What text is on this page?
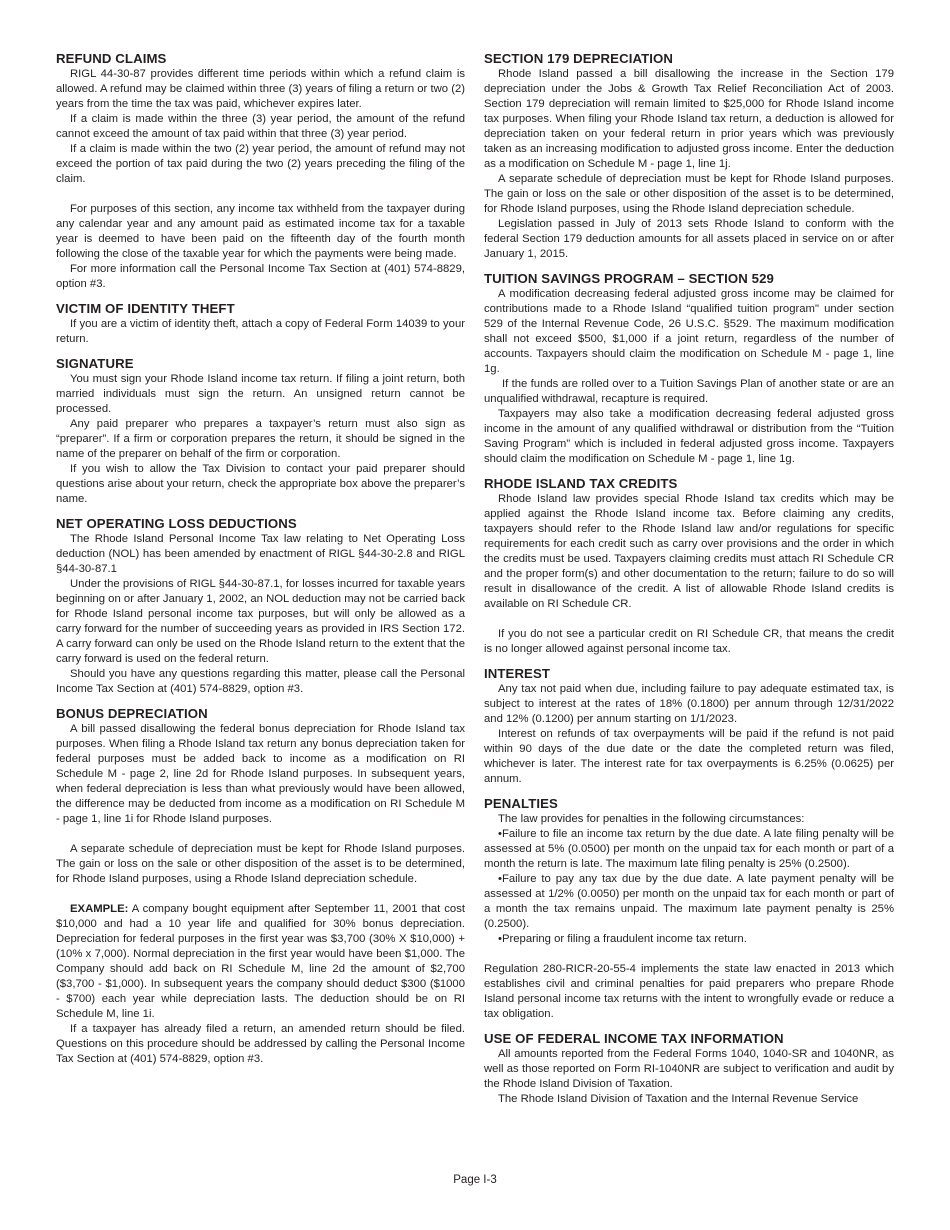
REFUND CLAIMS

RIGL 44-30-87 provides different time periods within which a refund claim is allowed. A refund may be claimed within three (3) years of filing a return or two (2) years from the time the tax was paid, whichever expires later.

If a claim is made within the three (3) year period, the amount of the refund cannot exceed the amount of tax paid within that three (3) year period.

If a claim is made within the two (2) year period, the amount of refund may not exceed the portion of tax paid during the two (2) years preceding the filing of the claim.

For purposes of this section, any income tax withheld from the taxpayer during any calendar year and any amount paid as estimated income tax for a taxable year is deemed to have been paid on the fifteenth day of the fourth month following the close of the taxable year for which the payments were being made.

For more information call the Personal Income Tax Section at (401) 574-8829, option #3.

VICTIM OF IDENTITY THEFT

If you are a victim of identity theft, attach a copy of Federal Form 14039 to your return.

SIGNATURE

You must sign your Rhode Island income tax return. If filing a joint return, both married individuals must sign the return. An unsigned return cannot be processed.

Any paid preparer who prepares a taxpayer’s return must also sign as “preparer”. If a firm or corporation prepares the return, it should be signed in the name of the preparer on behalf of the firm or corporation.

If you wish to allow the Tax Division to contact your paid preparer should questions arise about your return, check the appropriate box above the preparer’s name.

NET OPERATING LOSS DEDUCTIONS

The Rhode Island Personal Income Tax law relating to Net Operating Loss deduction (NOL) has been amended by enactment of RIGL §44-30-2.8 and RIGL §44-30-87.1

Under the provisions of RIGL §44-30-87.1, for losses incurred for taxable years beginning on or after January 1, 2002, an NOL deduction may not be carried back for Rhode Island personal income tax purposes, but will only be allowed as a carry forward for the number of succeeding years as provided in IRS Section 172. A carry forward can only be used on the Rhode Island return to the extent that the carry forward is used on the federal return.

Should you have any questions regarding this matter, please call the Personal Income Tax Section at (401) 574-8829, option #3.

BONUS DEPRECIATION

A bill passed disallowing the federal bonus depreciation for Rhode Island tax purposes. When filing a Rhode Island tax return any bonus depreciation taken for federal purposes must be added back to income as a modification on RI Schedule M - page 2, line 2d for Rhode Island purposes. In subsequent years, when federal depreciation is less than what previously would have been allowed, the difference may be deducted from income as a modification on RI Schedule M - page 1, line 1i for Rhode Island purposes.

A separate schedule of depreciation must be kept for Rhode Island purposes. The gain or loss on the sale or other disposition of the asset is to be determined, for Rhode Island purposes, using a Rhode Island depreciation schedule.

EXAMPLE: A company bought equipment after September 11, 2001 that cost $10,000 and had a 10 year life and qualified for 30% bonus depreciation. Depreciation for federal purposes in the first year was $3,700 (30% X $10,000) + (10% x 7,000). Normal depreciation in the first year would have been $1,000. The Company should add back on RI Schedule M, line 2d the amount of $2,700 ($3,700 - $1,000). In subsequent years the company should deduct $300 ($1000 - $700) each year while depreciation lasts. The deduction should be on RI Schedule M, line 1i.

If a taxpayer has already filed a return, an amended return should be filed. Questions on this procedure should be addressed by calling the Personal Income Tax Section at (401) 574-8829, option #3.

SECTION 179 DEPRECIATION

Rhode Island passed a bill disallowing the increase in the Section 179 depreciation under the Jobs & Growth Tax Relief Reconciliation Act of 2003. Section 179 depreciation will remain limited to $25,000 for Rhode Island income tax purposes. When filing your Rhode Island tax return, a deduction is allowed for depreciation taken on your federal return in prior years which was previously taken as an increasing modification to adjusted gross income. Enter the deduction as a modification on Schedule M - page 1, line 1j.

A separate schedule of depreciation must be kept for Rhode Island purposes. The gain or loss on the sale or other disposition of the asset is to be determined, for Rhode Island purposes, using the Rhode Island depreciation schedule.

Legislation passed in July of 2013 sets Rhode Island to conform with the federal Section 179 deduction amounts for all assets placed in service on or after January 1, 2015.

TUITION SAVINGS PROGRAM – SECTION 529

A modification decreasing federal adjusted gross income may be claimed for contributions made to a Rhode Island “qualified tuition program" under section 529 of the Internal Revenue Code, 26 U.S.C. §529. The maximum modification shall not exceed $500, $1,000 if a joint return, regardless of the number of accounts. Taxpayers should claim the modification on Schedule M - page 1, line 1g.

If the funds are rolled over to a Tuition Savings Plan of another state or are an unqualified withdrawal, recapture is required.

Taxpayers may also take a modification decreasing federal adjusted gross income in the amount of any qualified withdrawal or distribution from the “Tuition Saving Program” which is included in federal adjusted gross income. Taxpayers should claim the modification on Schedule M - page 1, line 1g.

RHODE ISLAND TAX CREDITS

Rhode Island law provides special Rhode Island tax credits which may be applied against the Rhode Island income tax. Before claiming any credits, taxpayers should refer to the Rhode Island law and/or regulations for specific requirements for each credit such as carry over provisions and the order in which the credits must be used. Taxpayers claiming credits must attach RI Schedule CR and the proper form(s) and other documentation to the return; failure to do so will result in disallowance of the credit. A list of allowable Rhode Island credits is available on RI Schedule CR.

If you do not see a particular credit on RI Schedule CR, that means the credit is no longer allowed against personal income tax.

INTEREST

Any tax not paid when due, including failure to pay adequate estimated tax, is subject to interest at the rates of 18% (0.1800) per annum through 12/31/2022 and 12% (0.1200) per annum starting on 1/1/2023.

Interest on refunds of tax overpayments will be paid if the refund is not paid within 90 days of the due date or the date the completed return was filed, whichever is later. The interest rate for tax overpayments is 6.25% (0.0625) per annum.

PENALTIES

The law provides for penalties in the following circumstances:

•Failure to file an income tax return by the due date. A late filing penalty will be assessed at 5% (0.0500) per month on the unpaid tax for each month or part of a month the return is late. The maximum late filing penalty is 25% (0.2500).

•Failure to pay any tax due by the due date. A late payment penalty will be assessed at 1/2% (0.0050) per month on the unpaid tax for each month or part of a month the tax remains unpaid. The maximum late payment penalty is 25% (0.2500).

•Preparing or filing a fraudulent income tax return.

Regulation 280-RICR-20-55-4 implements the state law enacted in 2013 which establishes civil and criminal penalties for paid preparers who prepare Rhode Island personal income tax returns with the intent to wrongfully evade or reduce a tax obligation.

USE OF FEDERAL INCOME TAX INFORMATION

All amounts reported from the Federal Forms 1040, 1040-SR and 1040NR, as well as those reported on Form RI-1040NR are subject to verification and audit by the Rhode Island Division of Taxation.

The Rhode Island Division of Taxation and the Internal Revenue Service

Page I-3
